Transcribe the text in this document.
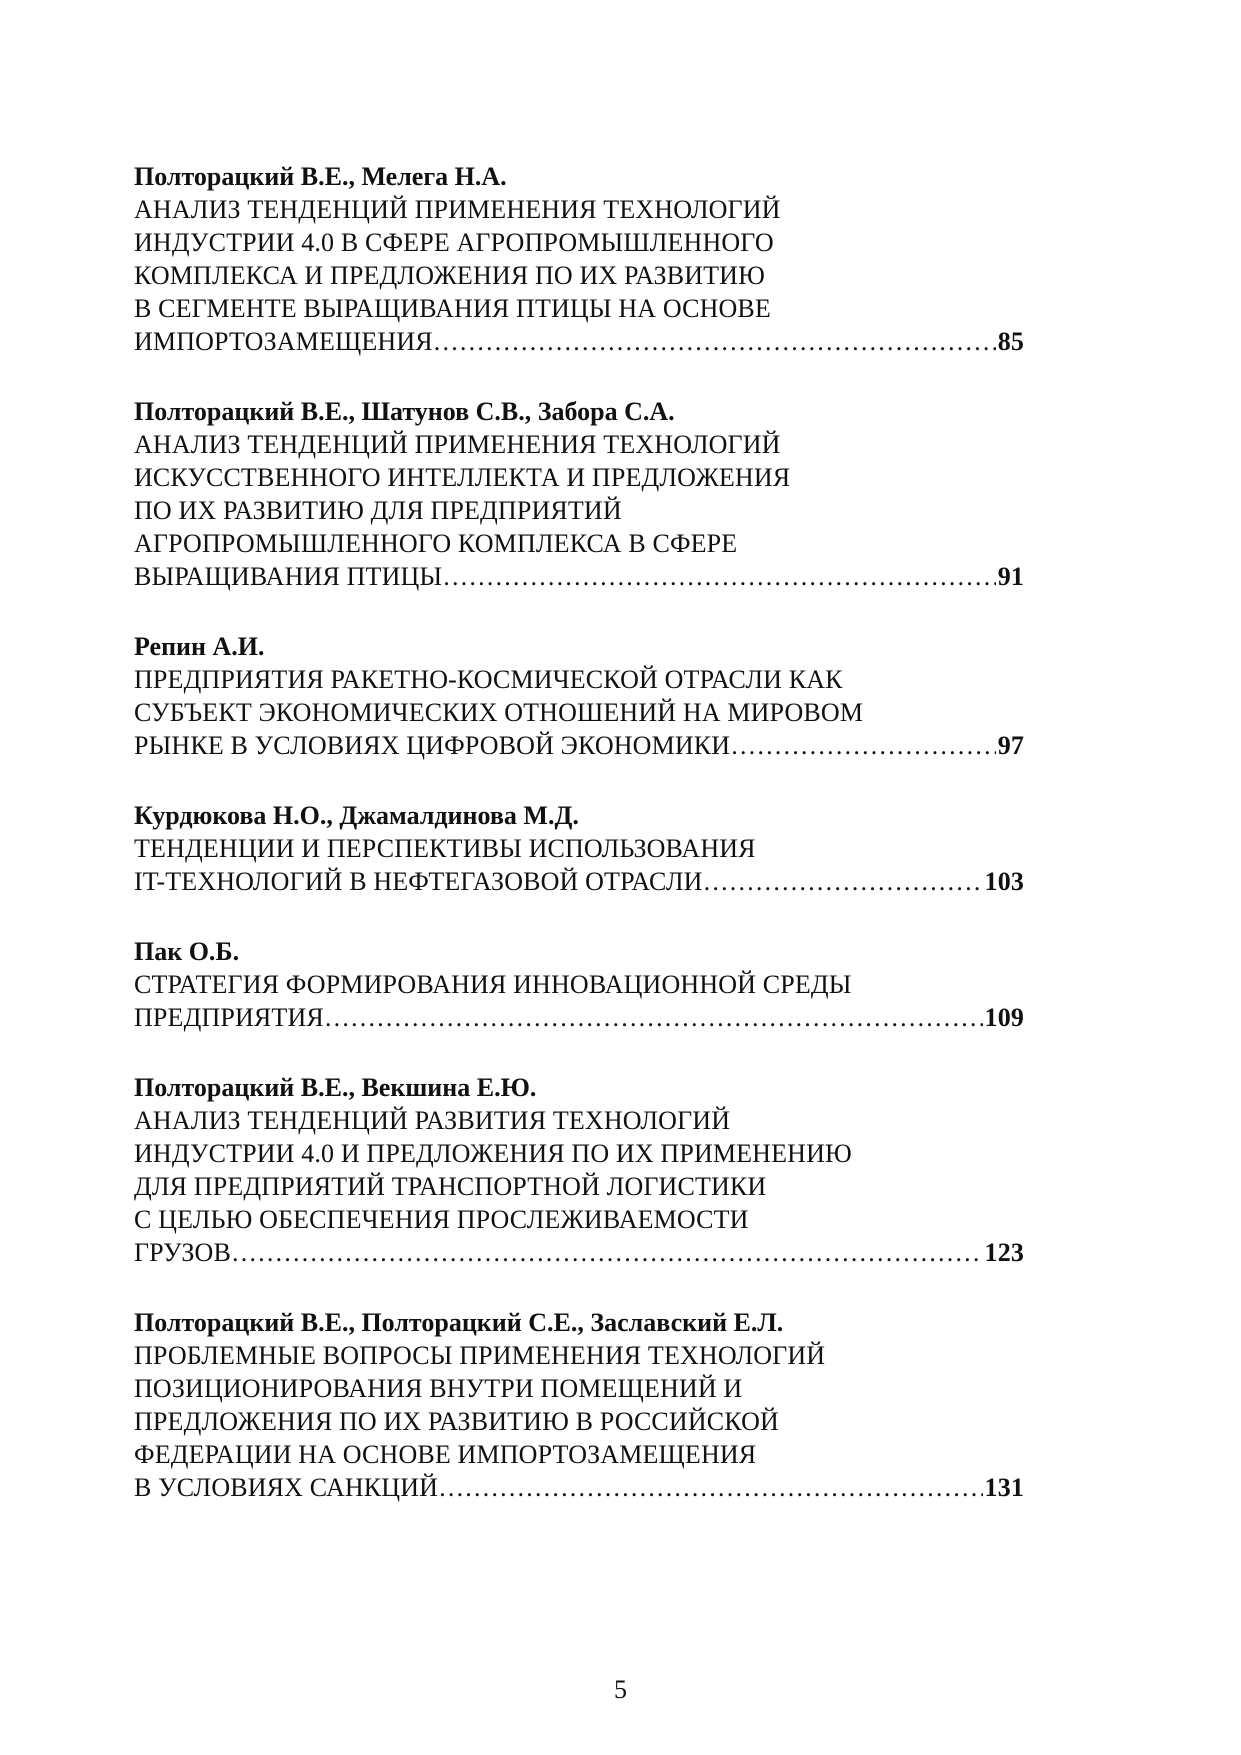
Полторацкий В.Е., Мелега Н.А.
АНАЛИЗ ТЕНДЕНЦИЙ ПРИМЕНЕНИЯ ТЕХНОЛОГИЙ
ИНДУСТРИИ 4.0 В СФЕРЕ АГРОПРОМЫШЛЕННОГО
КОМПЛЕКСА И ПРЕДЛОЖЕНИЯ ПО ИХ РАЗВИТИЮ
В СЕГМЕНТЕ ВЫРАЩИВАНИЯ ПТИЦЫ НА ОСНОВЕ
ИМПОРТОЗАМЕЩЕНИЯ …………………………………………………………………………………………………………………………	85
Полторацкий В.Е., Шатунов С.В., Забора С.А.
АНАЛИЗ ТЕНДЕНЦИЙ ПРИМЕНЕНИЯ ТЕХНОЛОГИЙ
ИСКУССТВЕННОГО ИНТЕЛЛЕКТА И ПРЕДЛОЖЕНИЯ
ПО ИХ РАЗВИТИЮ ДЛЯ ПРЕДПРИЯТИЙ
АГРОПРОМЫШЛЕННОГО КОМПЛЕКСА В СФЕРЕ
ВЫРАЩИВАНИЯ ПТИЦЫ …………………………………………………………………………………………………………………………	91
Репин А.И.
ПРЕДПРИЯТИЯ РАКЕТНО-КОСМИЧЕСКОЙ ОТРАСЛИ КАК
СУБЪЕКТ ЭКОНОМИЧЕСКИХ ОТНОШЕНИЙ НА МИРОВОМ
РЫНКЕ В УСЛОВИЯХ ЦИФРОВОЙ ЭКОНОМИКИ …………………………………………………………………………………………………………………………	97
Курдюкова Н.О., Джамалдинова М.Д.
ТЕНДЕНЦИИ И ПЕРСПЕКТИВЫ ИСПОЛЬЗОВАНИЯ
IT-ТЕХНОЛОГИЙ В НЕФТЕГАЗОВОЙ ОТРАСЛИ …………………………………………………………………………………………………………………………	103
Пак О.Б.
СТРАТЕГИЯ ФОРМИРОВАНИЯ ИННОВАЦИОННОЙ СРЕДЫ
ПРЕДПРИЯТИЯ …………………………………………………………………………………………………………………………	109
Полторацкий В.Е., Векшина Е.Ю.
АНАЛИЗ ТЕНДЕНЦИЙ РАЗВИТИЯ ТЕХНОЛОГИЙ
ИНДУСТРИИ 4.0 И ПРЕДЛОЖЕНИЯ ПО ИХ ПРИМЕНЕНИЮ
ДЛЯ ПРЕДПРИЯТИЙ ТРАНСПОРТНОЙ ЛОГИСТИКИ
С ЦЕЛЬЮ ОБЕСПЕЧЕНИЯ ПРОСЛЕЖИВАЕМОСТИ
ГРУЗОВ …………………………………………………………………………………………………………………………	123
Полторацкий В.Е., Полторацкий С.Е., Заславский Е.Л.
ПРОБЛЕМНЫЕ ВОПРОСЫ ПРИМЕНЕНИЯ ТЕХНОЛОГИЙ
ПОЗИЦИОНИРОВАНИЯ ВНУТРИ ПОМЕЩЕНИЙ И
ПРЕДЛОЖЕНИЯ ПО ИХ РАЗВИТИЮ В РОССИЙСКОЙ
ФЕДЕРАЦИИ НА ОСНОВЕ ИМПОРТОЗАМЕЩЕНИЯ
В УСЛОВИЯХ САНКЦИЙ …………………………………………………………………………………………………………………………	131
5
